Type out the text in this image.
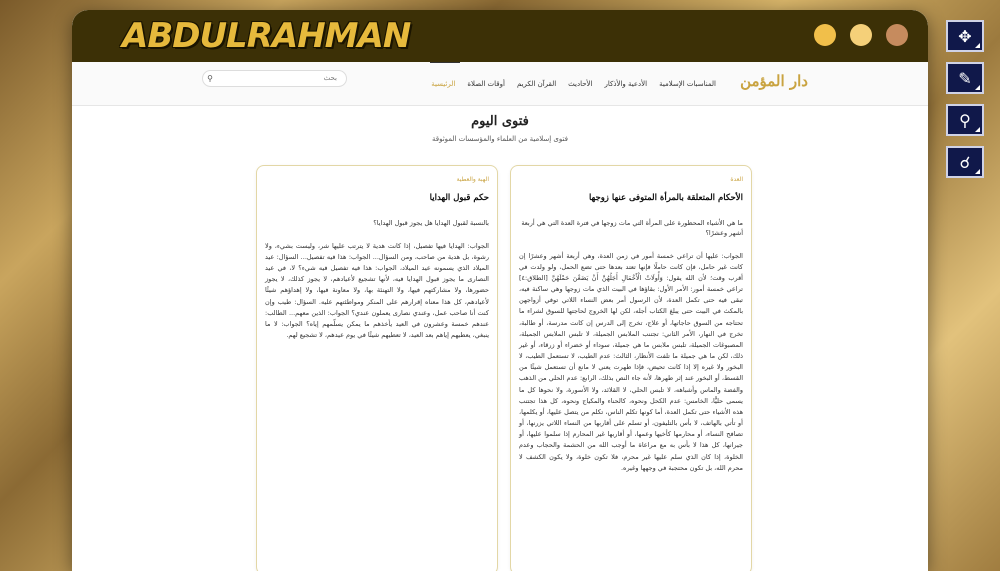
ABDULRAHMAN
دار المؤمن
الرئيسية أوقات الصلاة القرآن الكريم الأحاديث الأدعية والأذكار المناسبات الإسلامية
⚲
بحث
فتوى اليوم

فتوى إسلامية من العلماء والمؤسسات الموثوقة

العدة
الأحكام المتعلقة بالمرأة المتوفى عنها زوجها
ما هي الأشياء المحظورة على المرأة التي مات زوجها في فترة العدة التي هي أربعة أشهر وعشرًا؟
الجواب: عليها أن تراعي خمسة أمور في زمن العدة، وهي أربعة أشهر وعشرًا إن كانت غير حامل، فإن كانت حاملًا فإنها تعتد بعدها حتى تضع الحمل، ولو ولدت في أقرب وقت؛ لأن الله يقول: وَأُولَاتُ الْأَحْمَالِ أَجَلُهُنَّ أَنْ يَضَعْنَ حَمْلَهُنَّ [الطلاق:٤] تراعي خمسة أمور: الأمر الأول: بقاؤها في البيت الذي مات زوجها وهي ساكنة فيه، تبقى فيه حتى تكمل العدة، لأن الرسول أمر بعض النساء اللاتي توفي أزواجهن بالمكث في البيت حتى يبلغ الكتاب أجله، لكن لها الخروج لحاجتها للسوق لشراء ما تحتاجه من السوق حاجاتها، أو علاج، تخرج إلى الدرس إن كانت مدرسة، أو طالبة، تخرج في النهار، الأمر الثاني: تجتنب الملابس الجميلة، لا تلبس الملابس الجميلة، المصبوغات الجميلة، تلبس ملابس ما هي جميلة، سوداء أو خضراء أو زرقاء، أو غير ذلك، لكن ما هي جميلة ما تلفت الأنظار، الثالث: عدم الطيب، لا تستعمل الطيب، لا البخور ولا غيره إلا إذا كانت تحيض، فإذا طهرت يعني لا مانع أن تستعمل شيئًا من القسط، أو البخور عند إثر طهرها، لأنه جاء النص بذلك، الرابع: عدم الحلي من الذهب والفضة والماس وأشباهه، لا تلبس الحلي، لا القلائد، ولا الأسورة، ولا نحوها كل ما يسمى حليًّا، الخامس: عدم الكحل ونحوه، كالحناء والمكياج ونحوه، كل هذا تجتنب هذه الأشياء حتى تكمل العدة، أما كونها تكلم الناس، تكلم من يتصل عليها، أو يكلمها، أو تأتي بالهاتف، لا بأس بالتليفون، أو تسلم على أقاربها من النساء اللاتي يزرنها، أو تصافح النساء، أو محارمها كأخيها وعمها، أو أقاربها غير المحارم إذا سلموا عليها، أو جيرانها، كل هذا لا بأس به مع مراعاة ما أوجب الله من الحشمة والحجاب وعدم الخلوة، إذا كان الذي سلم عليها غير محرم، فلا تكون خلوة، ولا يكون الكشف لا محرم الله، بل تكون محتجبة في وجهها وغيره.
الهبة والعطية
حكم قبول الهدايا
بالنسبة لقبول الهدايا هل يجوز قبول الهدايا؟
الجواب: الهدايا فيها تفصيل، إذا كانت هدية لا يترتب عليها شر، وليست بشيء، ولا رشوة، بل هدية من صاحب، ومن السؤال... الجواب: هذا فيه تفصيل... السؤال: عيد الميلاد الذي يسمونه عيد الميلاد، الجواب: هذا فيه تفصيل فيه شيء؟ لا، في عيد النصارى ما يجوز قبول الهدايا فيه، لأنها تشجيع لأعيادهم، لا يجوز كذلك، لا يجوز حضورها، ولا مشاركتهم فيها، ولا التهنئة بها، ولا معاونة فيها، ولا إهداؤهم شيئًا لأعيادهم، كل هذا معناه إقرارهم على المنكر ومواطئتهم عليه. السؤال: طيب وإن كنت أنا صاحب عمل، وعندي نصارى يعملون عندي؟ الجواب: الذين معهم... الطالب: عندهم خمسة وعشرون في العيد يأخذهم ما يمكن يسلّمهم إياه؟ الجواب: لا ما ينبغي، يعطيهم إياهم بعد العيد، لا تعطيهم شيئًا في يوم عيدهم، لا تشجيع لهم.
✥
✎
⚲
☌
